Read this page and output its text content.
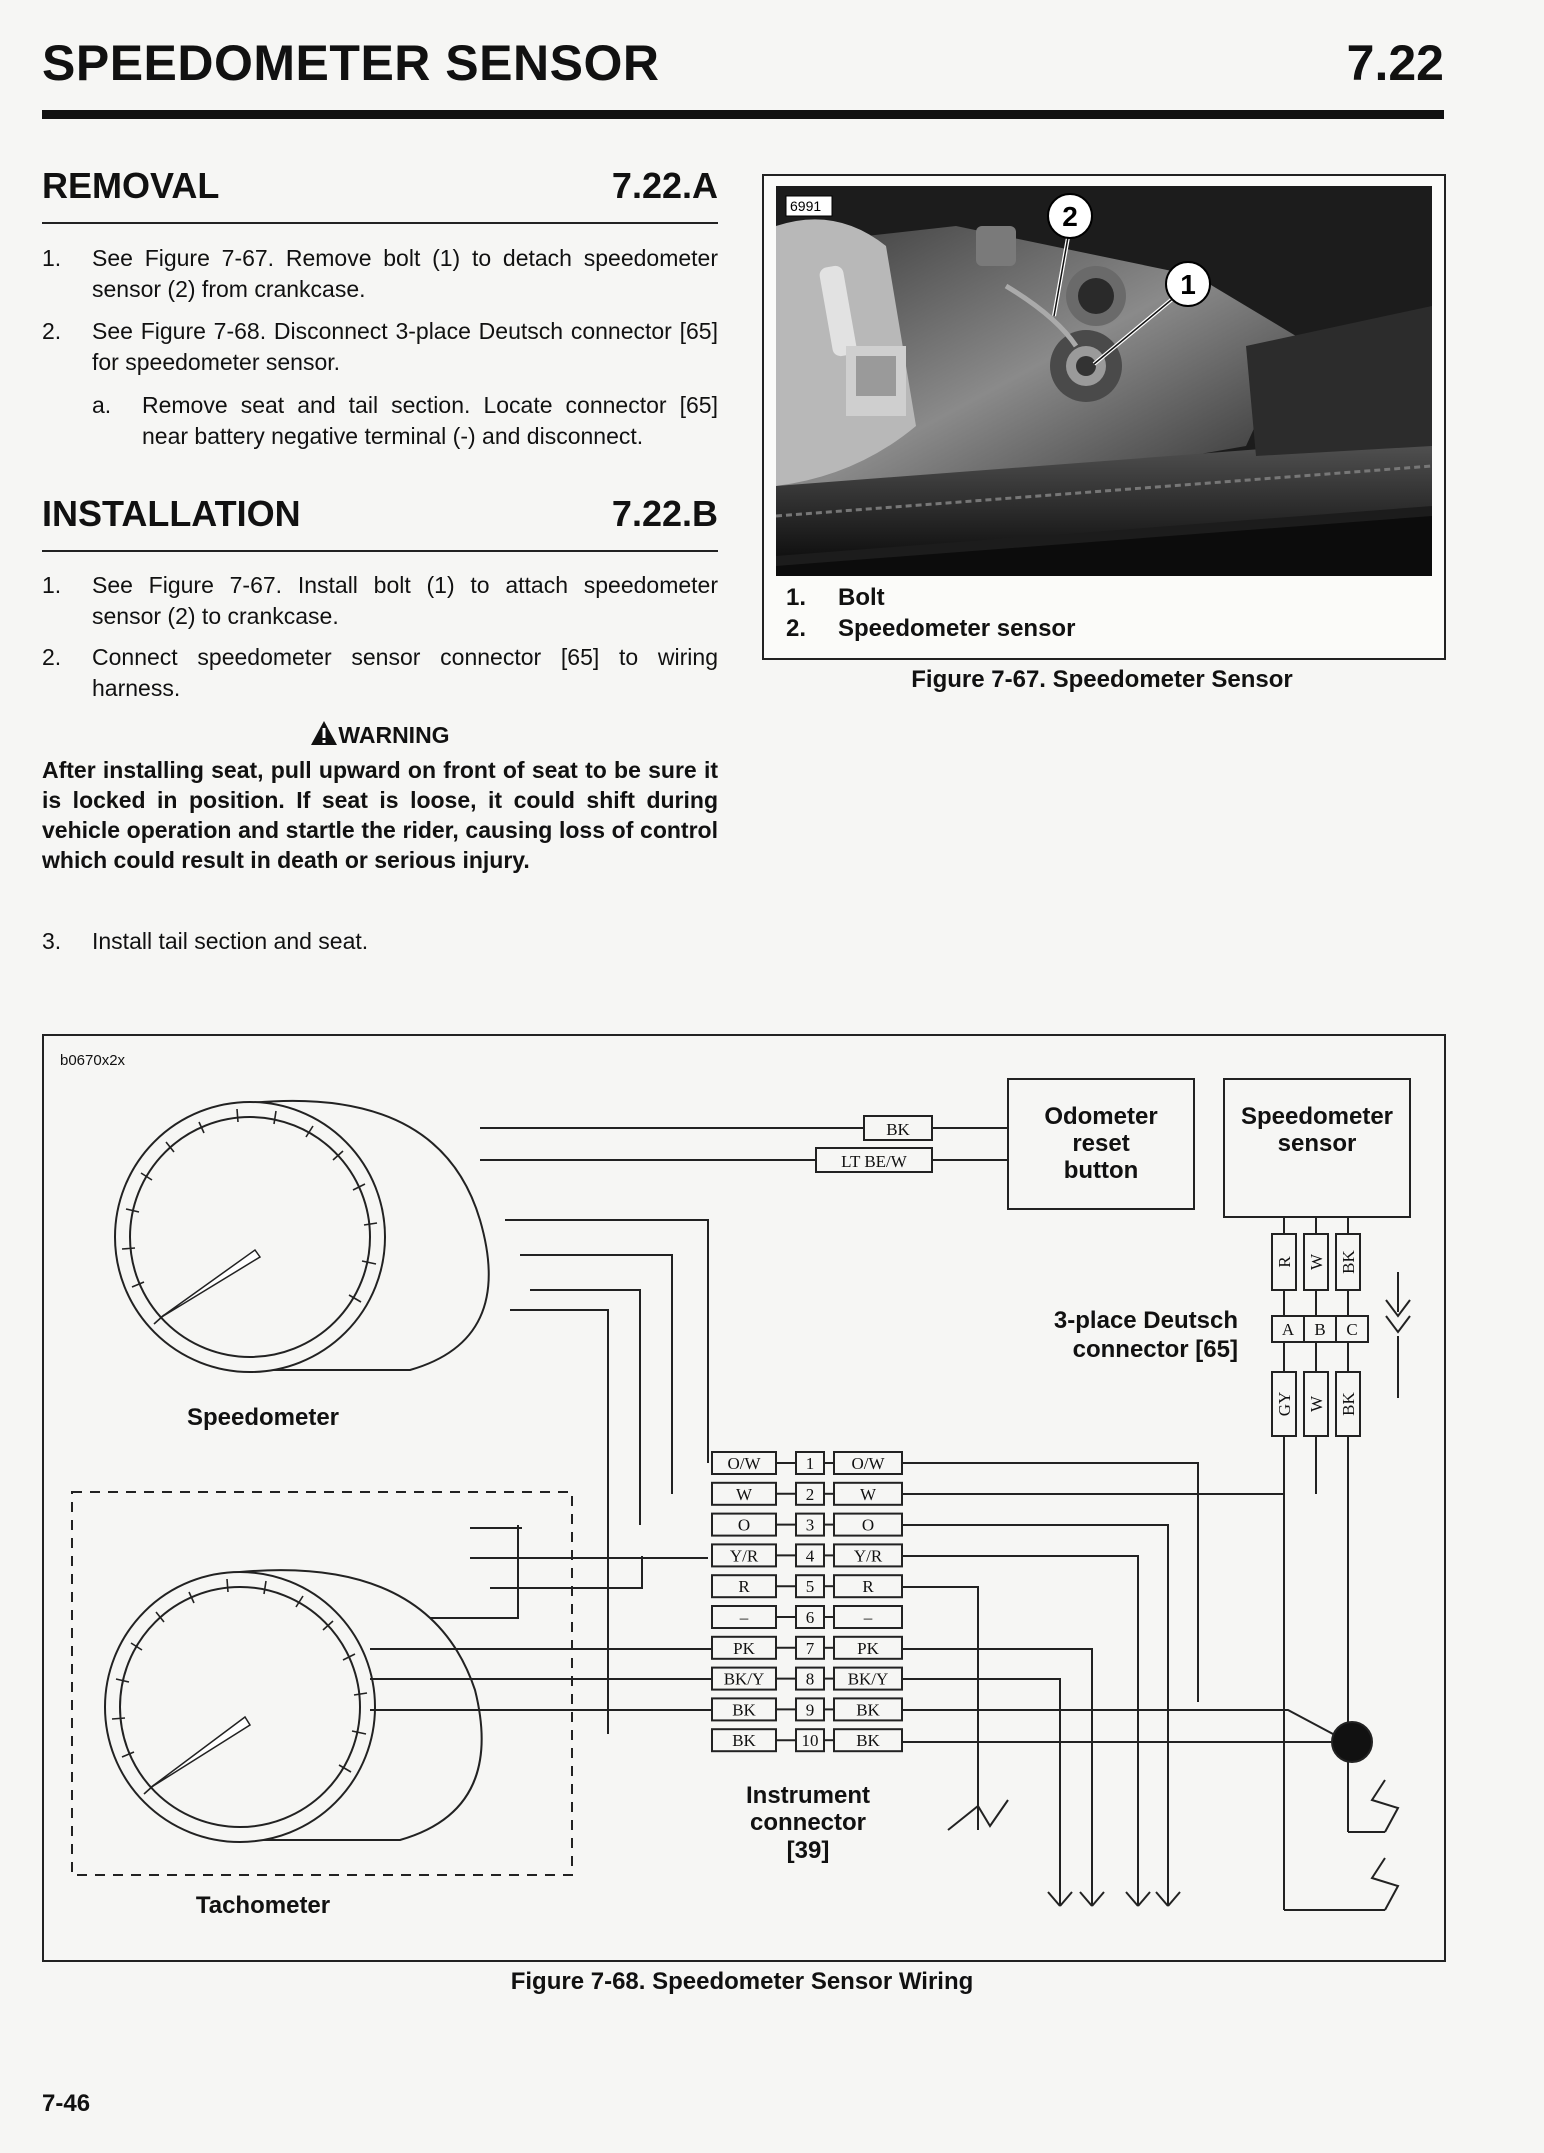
SPEEDOMETER SENSOR	7.22
REMOVAL	7.22.A
1. See Figure 7-67. Remove bolt (1) to detach speedometer sensor (2) from crankcase.
2. See Figure 7-68. Disconnect 3-place Deutsch connector [65] for speedometer sensor.
a. Remove seat and tail section. Locate connector [65] near battery negative terminal (-) and disconnect.
INSTALLATION	7.22.B
1. See Figure 7-67. Install bolt (1) to attach speedometer sensor (2) to crankcase.
2. Connect speedometer sensor connector [65] to wiring harness.
WARNING
After installing seat, pull upward on front of seat to be sure it is locked in position. If seat is loose, it could shift during vehicle operation and startle the rider, causing loss of control which could result in death or serious injury.
3. Install tail section and seat.
6991	2
1
1. Bolt
2. Speedometer sensor
Figure 7-67. Speedometer Sensor
b0670x2x
Speedometer
Tachometer
Odometer
reset
button
BK
LT BE/W
Speedometer
sensor
R W BK
A B C
3-place Deutsch
connector [65]
GY W BK
O/W	1 O/W
W	2	W
O	3	O
Y/R	4 Y/R
R	5	R
–	6	–
PK	7	PK
BK/Y 8 BK/Y
BK	9 BK
BK	10 BK
Instrument
connector
[39]
Figure 7-68. Speedometer Sensor Wiring
7-46
